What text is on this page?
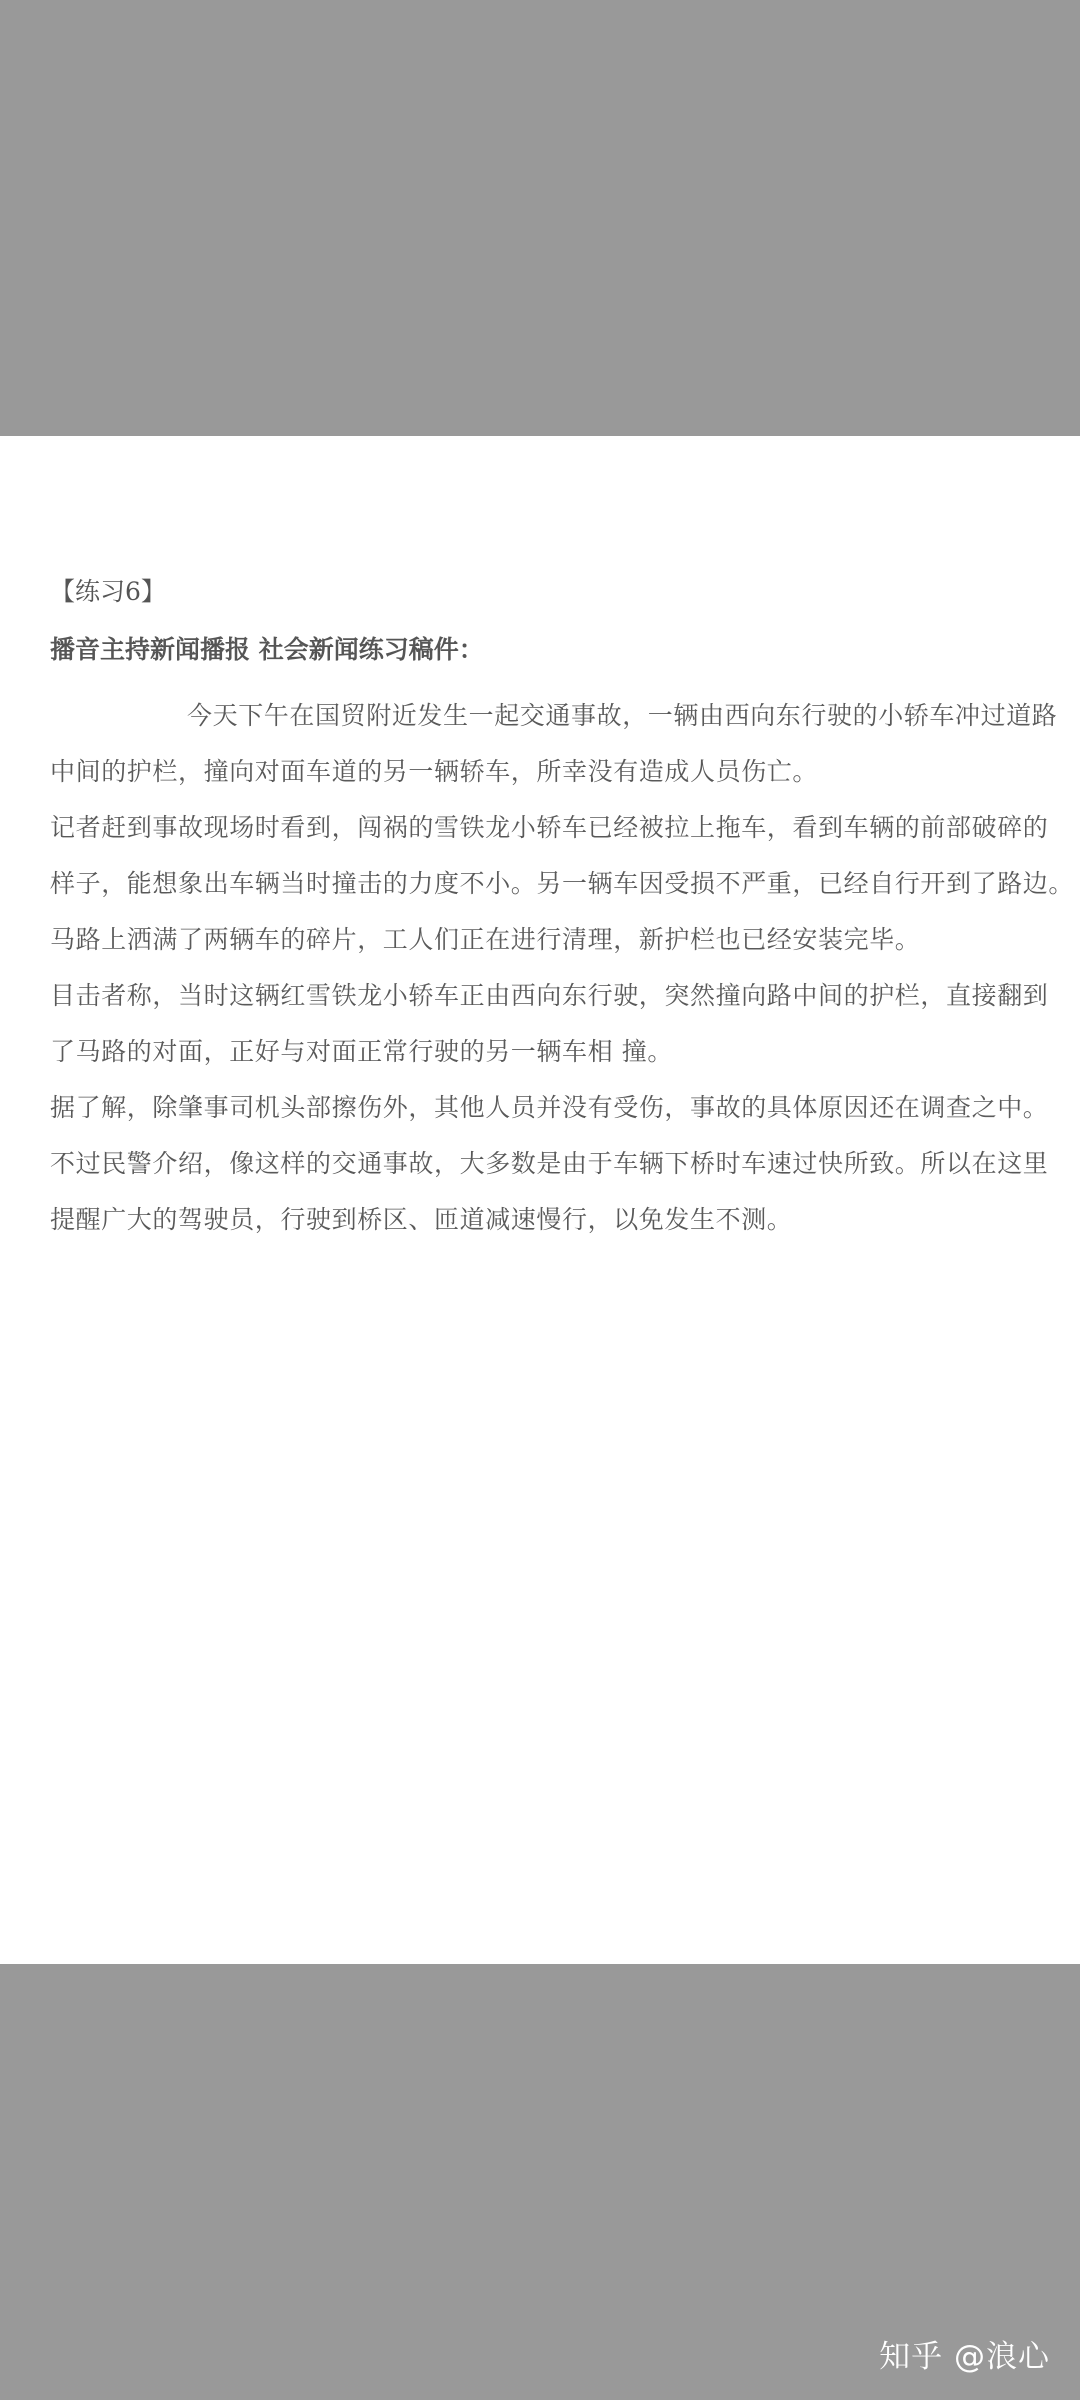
【练习6】
播音主持新闻播报 社会新闻练习稿件：
今天下午在国贸附近发生一起交通事故，一辆由西向东行驶的小轿车冲过道路
中间的护栏，撞向对面车道的另一辆轿车，所幸没有造成人员伤亡。
记者赶到事故现场时看到，闯祸的雪铁龙小轿车已经被拉上拖车，看到车辆的前部破碎的
样子，能想象出车辆当时撞击的力度不小。另一辆车因受损不严重，已经自行开到了路边。
马路上洒满了两辆车的碎片，工人们正在进行清理，新护栏也已经安装完毕。
目击者称，当时这辆红雪铁龙小轿车正由西向东行驶，突然撞向路中间的护栏，直接翻到
了马路的对面，正好与对面正常行驶的另一辆车相 撞。
据了解，除肇事司机头部擦伤外，其他人员并没有受伤，事故的具体原因还在调查之中。
不过民警介绍，像这样的交通事故，大多数是由于车辆下桥时车速过快所致。所以在这里
提醒广大的驾驶员，行驶到桥区、匝道减速慢行，以免发生不测。
知乎 @浪心
